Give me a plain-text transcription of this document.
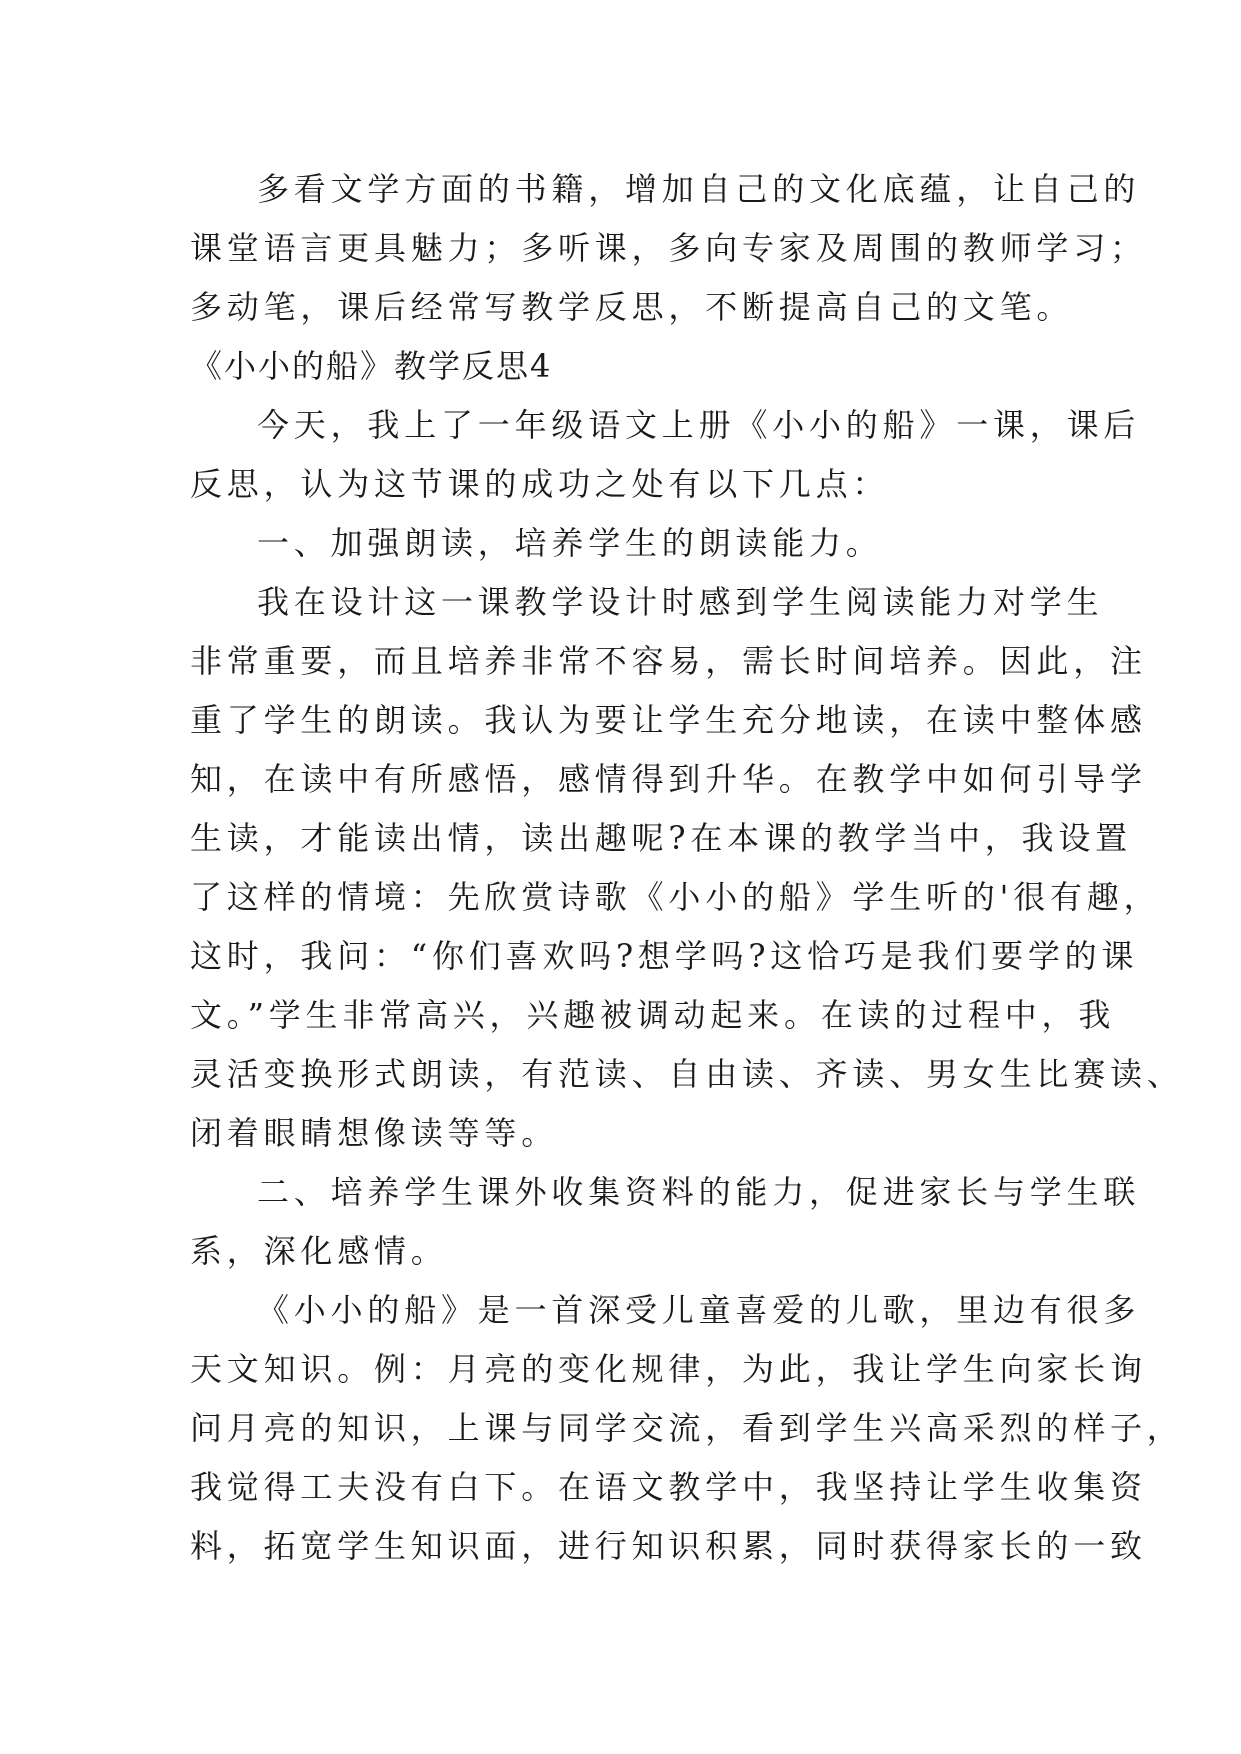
多看文学方面的书籍，增加自己的文化底蕴，让自己的
课堂语言更具魅力；多听课，多向专家及周围的教师学习；
多动笔，课后经常写教学反思，不断提高自己的文笔。
《小小的船》教学反思4
今天，我上了一年级语文上册《小小的船》一课，课后
反思，认为这节课的成功之处有以下几点：
一、加强朗读，培养学生的朗读能力。
我在设计这一课教学设计时感到学生阅读能力对学生
非常重要，而且培养非常不容易，需长时间培养。因此，注
重了学生的朗读。我认为要让学生充分地读，在读中整体感
知，在读中有所感悟，感情得到升华。在教学中如何引导学
生读，才能读出情，读出趣呢?在本课的教学当中，我设置
了这样的情境：先欣赏诗歌《小小的船》学生听的'很有趣，
这时，我问：“你们喜欢吗?想学吗?这恰巧是我们要学的课
文。”学生非常高兴，兴趣被调动起来。在读的过程中，我
灵活变换形式朗读，有范读、自由读、齐读、男女生比赛读、
闭着眼睛想像读等等。
二、培养学生课外收集资料的能力，促进家长与学生联
系，深化感情。
《小小的船》是一首深受儿童喜爱的儿歌，里边有很多
天文知识。例：月亮的变化规律，为此，我让学生向家长询
问月亮的知识，上课与同学交流，看到学生兴高采烈的样子，
我觉得工夫没有白下。在语文教学中，我坚持让学生收集资
料，拓宽学生知识面，进行知识积累，同时获得家长的一致
